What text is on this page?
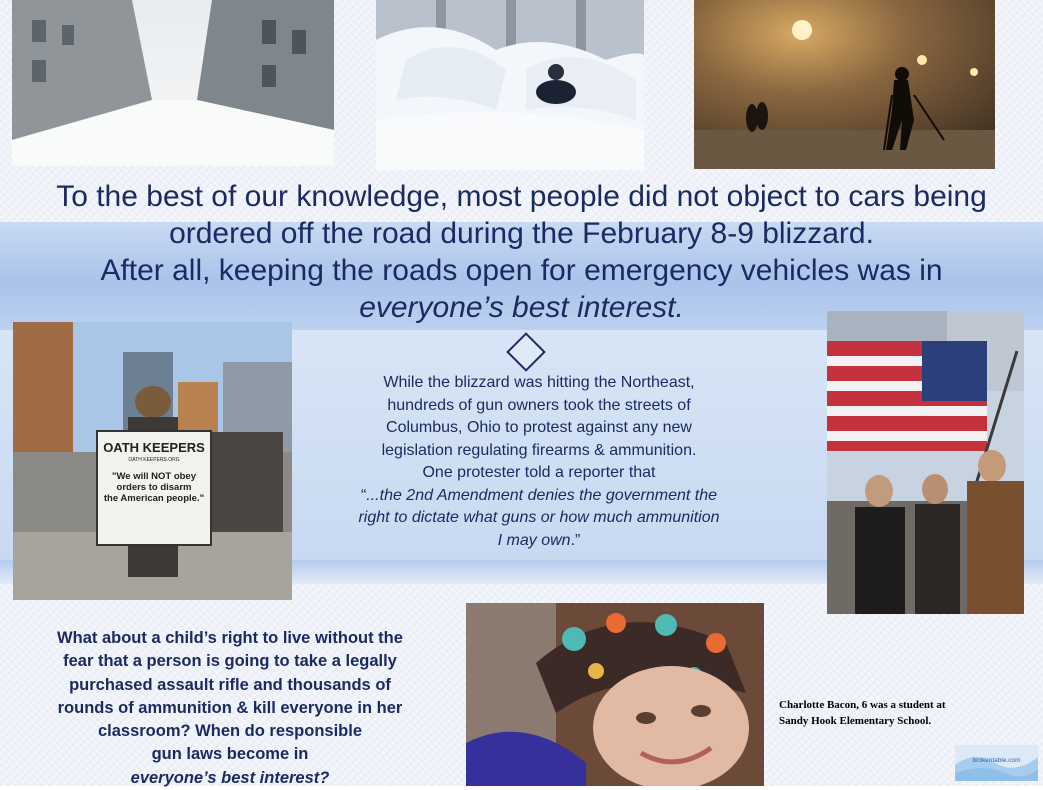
OATH KEEPERS
OATH KEEPERS.ORG
"We will NOT obey
orders to disarm
the American people."
brokentable.com
To the best of our knowledge, most people did not object to cars being
ordered off the road during the February 8-9 blizzard.
After all, keeping the roads open for emergency vehicles was in
everyone’s best interest.
While the blizzard was hitting the Northeast,
hundreds of gun owners took the streets of
Columbus, Ohio to protest against any new
legislation regulating firearms & ammunition.
One protester told a reporter that
“...the 2nd Amendment denies the government the
right to dictate what guns or how much ammunition
I may own.”
What about a child’s right to live without the
fear that a person is going to take a legally
purchased assault rifle and thousands of
rounds of ammunition & kill everyone in her
classroom? When do responsible
gun laws become in
everyone’s best interest?
Charlotte Bacon, 6 was a student at
Sandy Hook Elementary School.
